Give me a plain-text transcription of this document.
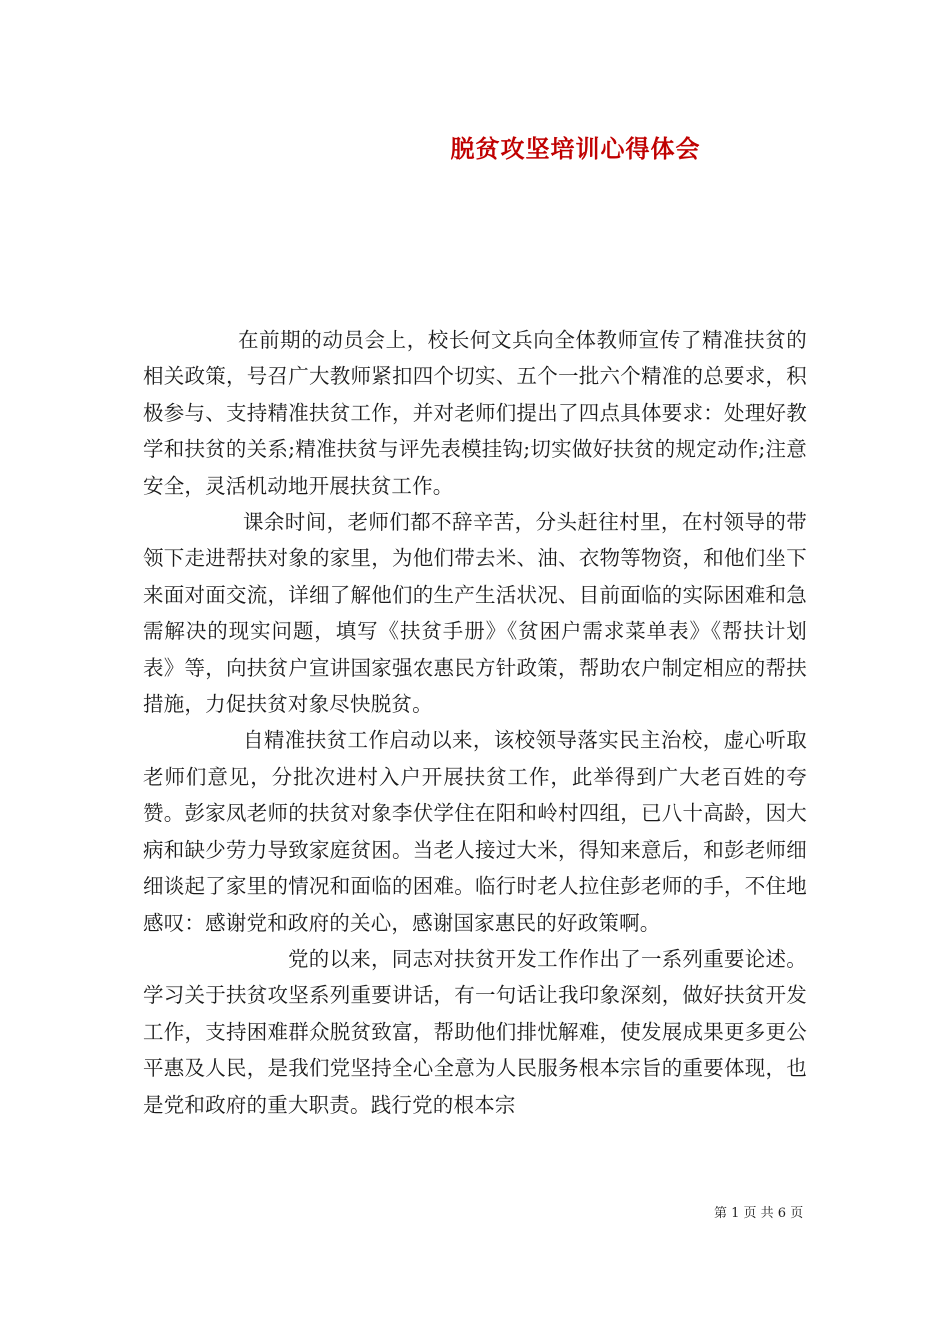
脱贫攻坚培训心得体会

在前期的动员会上，校长何文兵向全体教师宣传了精准扶贫的相关政策，号召广大教师紧扣四个切实、五个一批六个精准的总要求，积极参与、支持精准扶贫工作，并对老师们提出了四点具体要求：处理好教学和扶贫的关系;精准扶贫与评先表模挂钩;切实做好扶贫的规定动作;注意安全，灵活机动地开展扶贫工作。

课余时间，老师们都不辞辛苦，分头赶往村里，在村领导的带领下走进帮扶对象的家里，为他们带去米、油、衣物等物资，和他们坐下来面对面交流，详细了解他们的生产生活状况、目前面临的实际困难和急需解决的现实问题，填写《扶贫手册》《贫困户需求菜单表》《帮扶计划表》等，向扶贫户宣讲国家强农惠民方针政策，帮助农户制定相应的帮扶措施，力促扶贫对象尽快脱贫。

自精准扶贫工作启动以来，该校领导落实民主治校，虚心听取老师们意见，分批次进村入户开展扶贫工作，此举得到广大老百姓的夸赞。彭家凤老师的扶贫对象李伏学住在阳和岭村四组，已八十高龄，因大病和缺少劳力导致家庭贫困。当老人接过大米，得知来意后，和彭老师细细谈起了家里的情况和面临的困难。临行时老人拉住彭老师的手，不住地感叹：感谢党和政府的关心，感谢国家惠民的好政策啊。

党的以来，同志对扶贫开发工作作出了一系列重要论述。学习关于扶贫攻坚系列重要讲话，有一句话让我印象深刻，做好扶贫开发工作，支持困难群众脱贫致富，帮助他们排忧解难，使发展成果更多更公平惠及人民，是我们党坚持全心全意为人民服务根本宗旨的重要体现，也是党和政府的重大职责。践行党的根本宗

第 1 页 共 6 页
